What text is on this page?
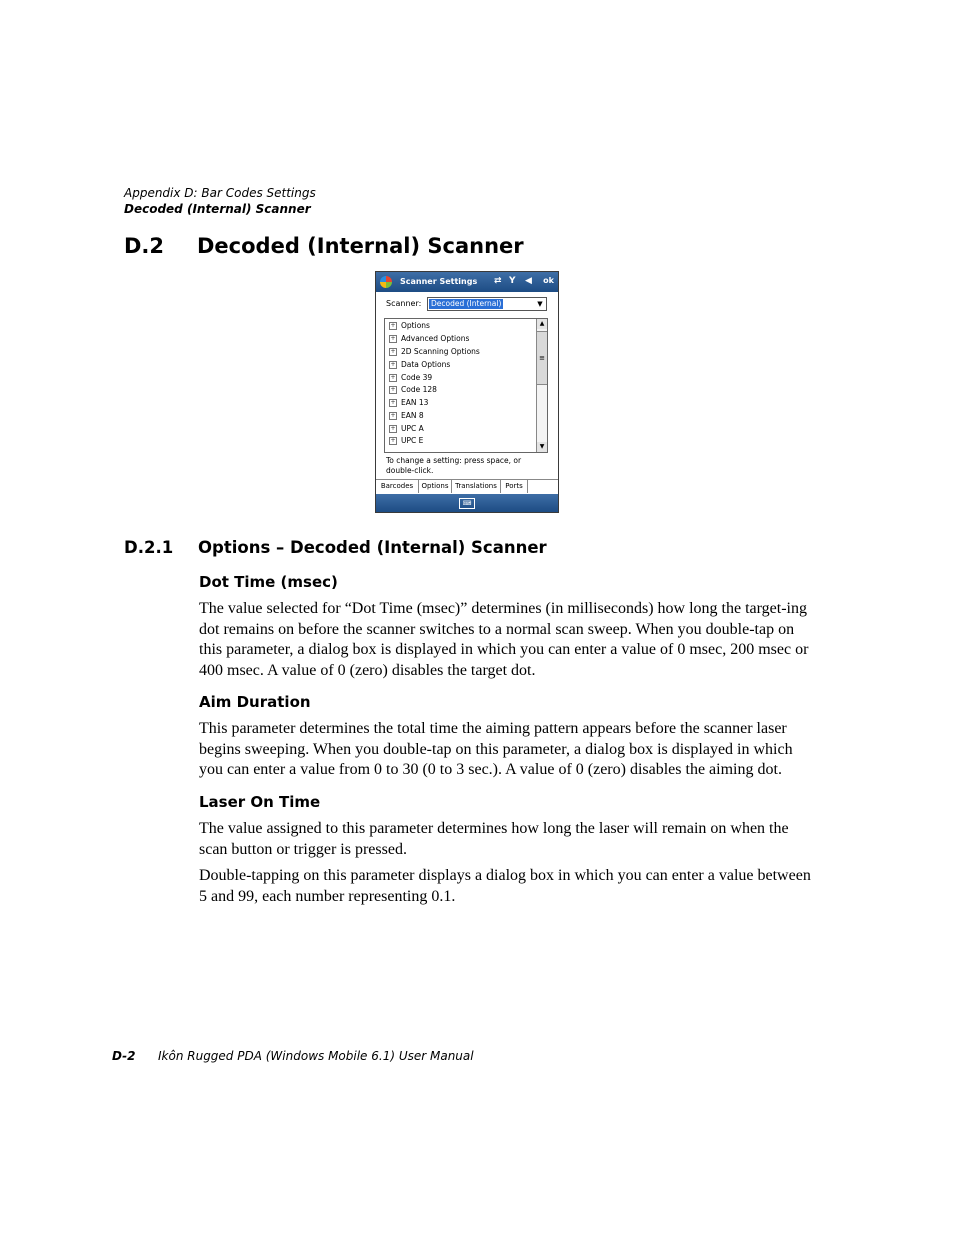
Appendix D: Bar Codes Settings
Decoded (Internal) Scanner
D.2 Decoded (Internal) Scanner
Scanner Settings ⇄ Y ◀ ok
Scanner: Decoded (Internal)	▼
+ Options
+ Advanced Options
+ 2D Scanning Options
+ Data Options
+ Code 39
+ Code 128
+ EAN 13
+ EAN 8
+ UPC A
+ UPC E
▲
≡
▼
To change a setting: press space, or double-click.
Barcodes	Options Translations	Ports
⌨
D.2.1 Options – Decoded (Internal) Scanner
Dot Time (msec)
The value selected for “Dot Time (msec)” determines (in milliseconds) how long the target-ing dot remains on before the scanner switches to a normal scan sweep. When you double-tap on this parameter, a dialog box is displayed in which you can enter a value of 0 msec, 200 msec or 400 msec. A value of 0 (zero) disables the target dot.
Aim Duration
This parameter determines the total time the aiming pattern appears before the scanner laser begins sweeping. When you double-tap on this parameter, a dialog box is displayed in which you can enter a value from 0 to 30 (0 to 3 sec.). A value of 0 (zero) disables the aiming dot.
Laser On Time
The value assigned to this parameter determines how long the laser will remain on when the scan button or trigger is pressed.
Double-tapping on this parameter displays a dialog box in which you can enter a value between 5 and 99, each number representing 0.1.
D-2 Ikôn Rugged PDA (Windows Mobile 6.1) User Manual
